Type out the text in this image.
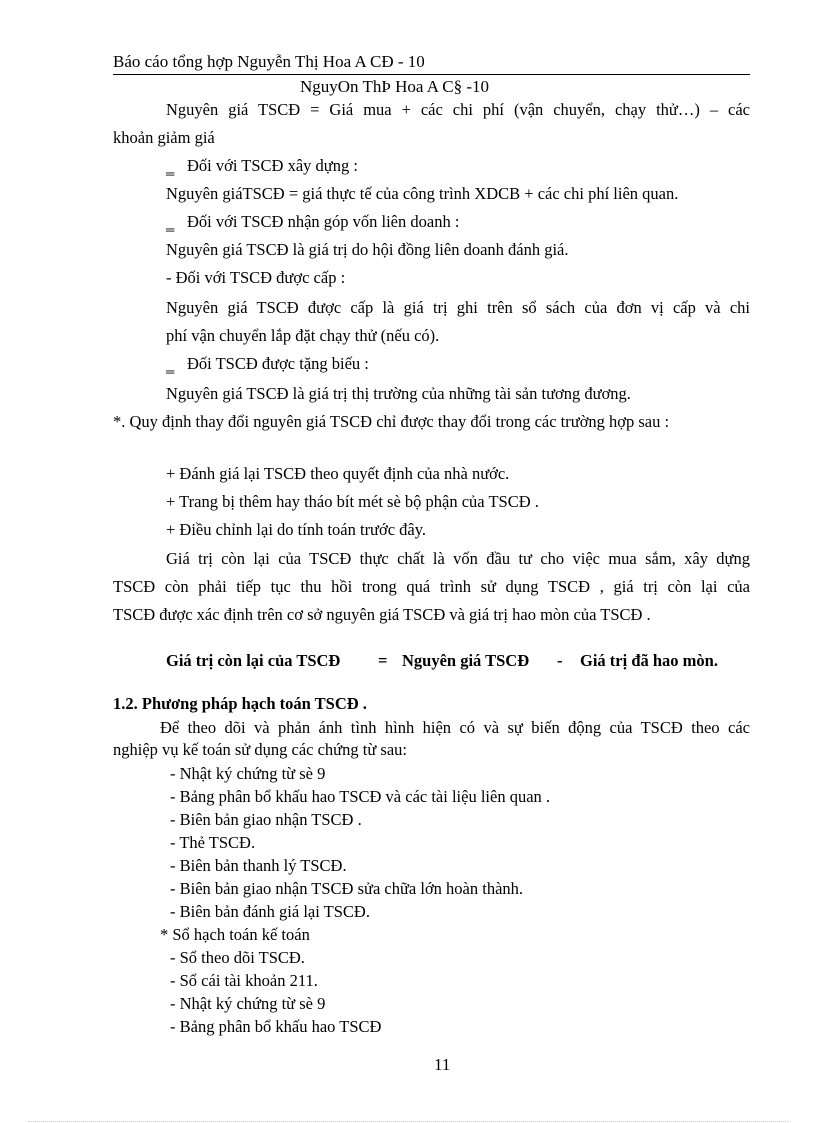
Báo cáo tổng hợp Nguyễn Thị Hoa A CĐ - 10
NguyOn ThÞ Hoa A C§ -10
Nguyên giá TSCĐ = Giá mua + các chi phí (vận chuyển, chạy thử…) – các
khoản giảm giá
‗ Đối với TSCĐ xây dựng :
Nguyên giáTSCĐ = giá thực tế của công trình XDCB + các chi phí liên quan.
‗ Đối với TSCĐ nhận góp vốn liên doanh :
Nguyên giá TSCĐ là giá trị do hội đồng liên doanh đánh giá.
- Đối với TSCĐ được cấp :
Nguyên giá TSCĐ được cấp là giá trị ghi trên sổ sách của đơn vị cấp và chi
phí vận chuyển lắp đặt chạy thử (nếu có).
‗ Đối TSCĐ được tặng biếu :
Nguyên giá TSCĐ là giá trị thị trường của những tài sản tương đương.
*. Quy định thay đổi nguyên giá TSCĐ chỉ được thay đổi trong các trường hợp sau :
+ Đánh giá lại TSCĐ theo quyết định của nhà nước.
+ Trang bị thêm hay tháo bít mét sè bộ phận của TSCĐ .
+ Điều chỉnh lại do tính toán trước đây.
Giá trị còn lại của TSCĐ thực chất là vốn đầu tư cho việc mua sắm, xây dựng
TSCĐ còn phải tiếp tục thu hồi trong quá trình sử dụng TSCĐ , giá trị còn lại của
TSCĐ được xác định trên cơ sở nguyên giá TSCĐ và giá trị hao mòn của TSCĐ .
Giá trị còn lại của TSCĐ = Nguyên giá TSCĐ - Giá trị đã hao mòn.
1.2. Phương pháp hạch toán TSCĐ .
Để theo dõi và phản ánh tình hình hiện có và sự biến động của TSCĐ theo các
nghiệp vụ kế toán sử dụng các chứng từ sau:
- Nhật ký chứng từ sè 9
- Bảng phân bổ khấu hao TSCĐ và các tài liệu liên quan .
- Biên bản giao nhận TSCĐ .
- Thẻ TSCĐ.
- Biên bản thanh lý TSCĐ.
- Biên bản giao nhận TSCĐ sửa chữa lớn hoàn thành.
- Biên bản đánh giá lại TSCĐ.
* Sổ hạch toán kế toán
- Sổ theo dõi TSCĐ.
- Sổ cái tài khoản 211.
- Nhật ký chứng từ sè 9
- Bảng phân bổ khấu hao TSCĐ
11
